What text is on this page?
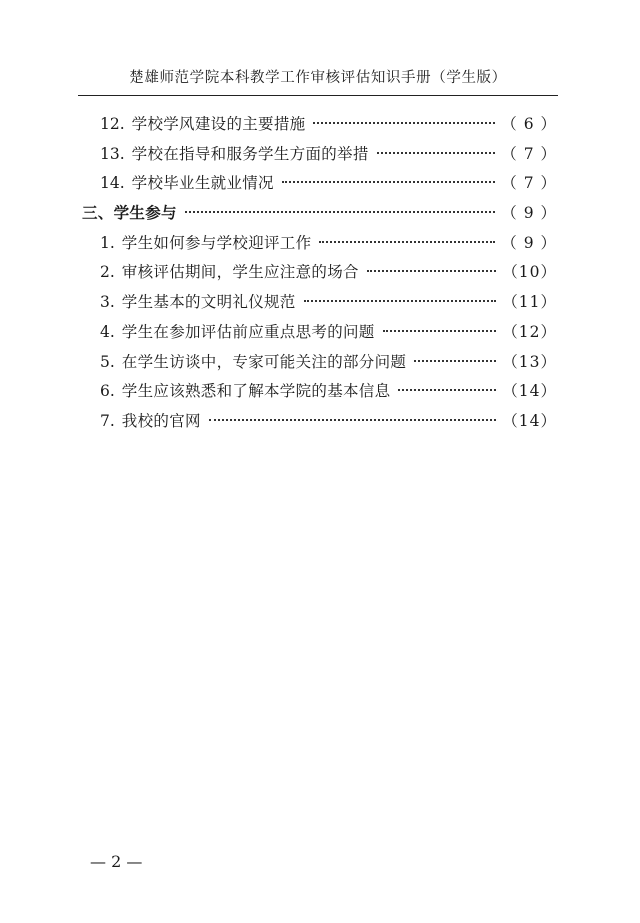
楚雄师范学院本科教学工作审核评估知识手册（学生版）
12. 学校学风建设的主要措施	（ 6 ）
13. 学校在指导和服务学生方面的举措	（ 7 ）
14. 学校毕业生就业情况	（ 7 ）
三、学生参与	（ 9 ）
1. 学生如何参与学校迎评工作	（ 9 ）
2. 审核评估期间，学生应注意的场合	（10）
3. 学生基本的文明礼仪规范	（11）
4. 学生在参加评估前应重点思考的问题	（12）
5. 在学生访谈中，专家可能关注的部分问题	（13）
6. 学生应该熟悉和了解本学院的基本信息	（14）
7. 我校的官网	（14）
— 2 —
